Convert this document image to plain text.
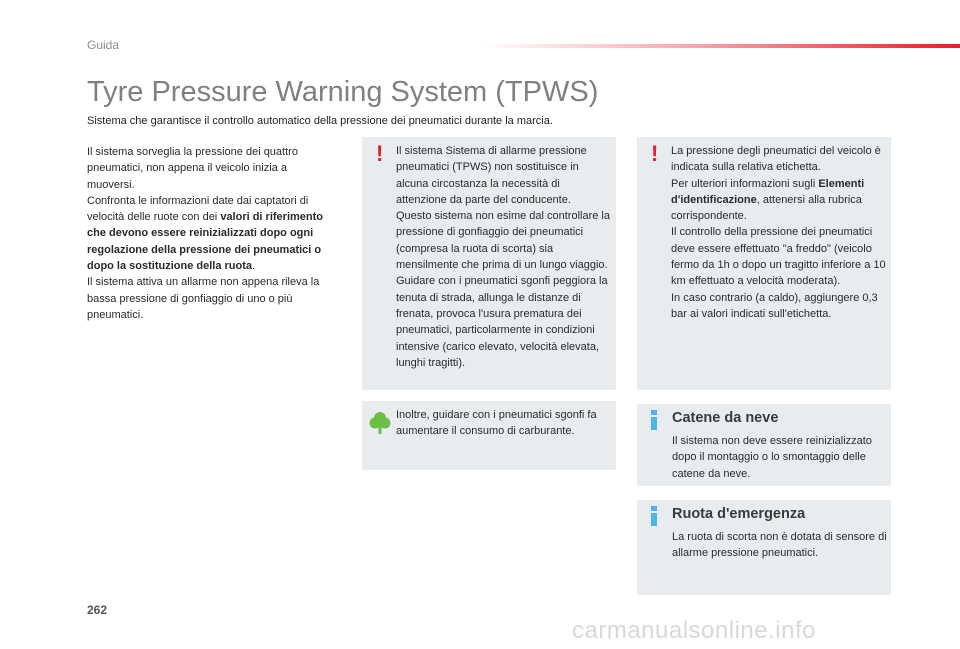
Guida
Tyre Pressure Warning System (TPWS)
Sistema che garantisce il controllo automatico della pressione dei pneumatici durante la marcia.
Il sistema sorveglia la pressione dei quattro pneumatici, non appena il veicolo inizia a muoversi.
Confronta le informazioni date dai captatori di velocità delle ruote con dei valori di riferimento che devono essere reinizializzati dopo ogni regolazione della pressione dei pneumatici o dopo la sostituzione della ruota.
Il sistema attiva un allarme non appena rileva la bassa pressione di gonfiaggio di uno o più pneumatici.
! Il sistema Sistema di allarme pressione pneumatici (TPWS) non sostituisce in alcuna circostanza la necessità di attenzione da parte del conducente.
Questo sistema non esime dal controllare la pressione di gonfiaggio dei pneumatici (compresa la ruota di scorta) sia mensilmente che prima di un lungo viaggio.
Guidare con i pneumatici sgonfi peggiora la tenuta di strada, allunga le distanze di frenata, provoca l'usura prematura dei pneumatici, particolarmente in condizioni intensive (carico elevato, velocità elevata, lunghi tragitti).
! La pressione degli pneumatici del veicolo è indicata sulla relativa etichetta.
Per ulteriori informazioni sugli Elementi d'identificazione, attenersi alla rubrica corrispondente.
Il controllo della pressione dei pneumatici deve essere effettuato "a freddo" (veicolo fermo da 1h o dopo un tragitto inferiore a 10 km effettuato a velocità moderata).
In caso contrario (a caldo), aggiungere 0,3 bar ai valori indicati sull'etichetta.
Inoltre, guidare con i pneumatici sgonfi fa aumentare il consumo di carburante.
Catene da neve
Il sistema non deve essere reinizializzato dopo il montaggio o lo smontaggio delle catene da neve.
Ruota d'emergenza
La ruota di scorta non è dotata di sensore di allarme pressione pneumatici.
262
carmanualsonline.info
